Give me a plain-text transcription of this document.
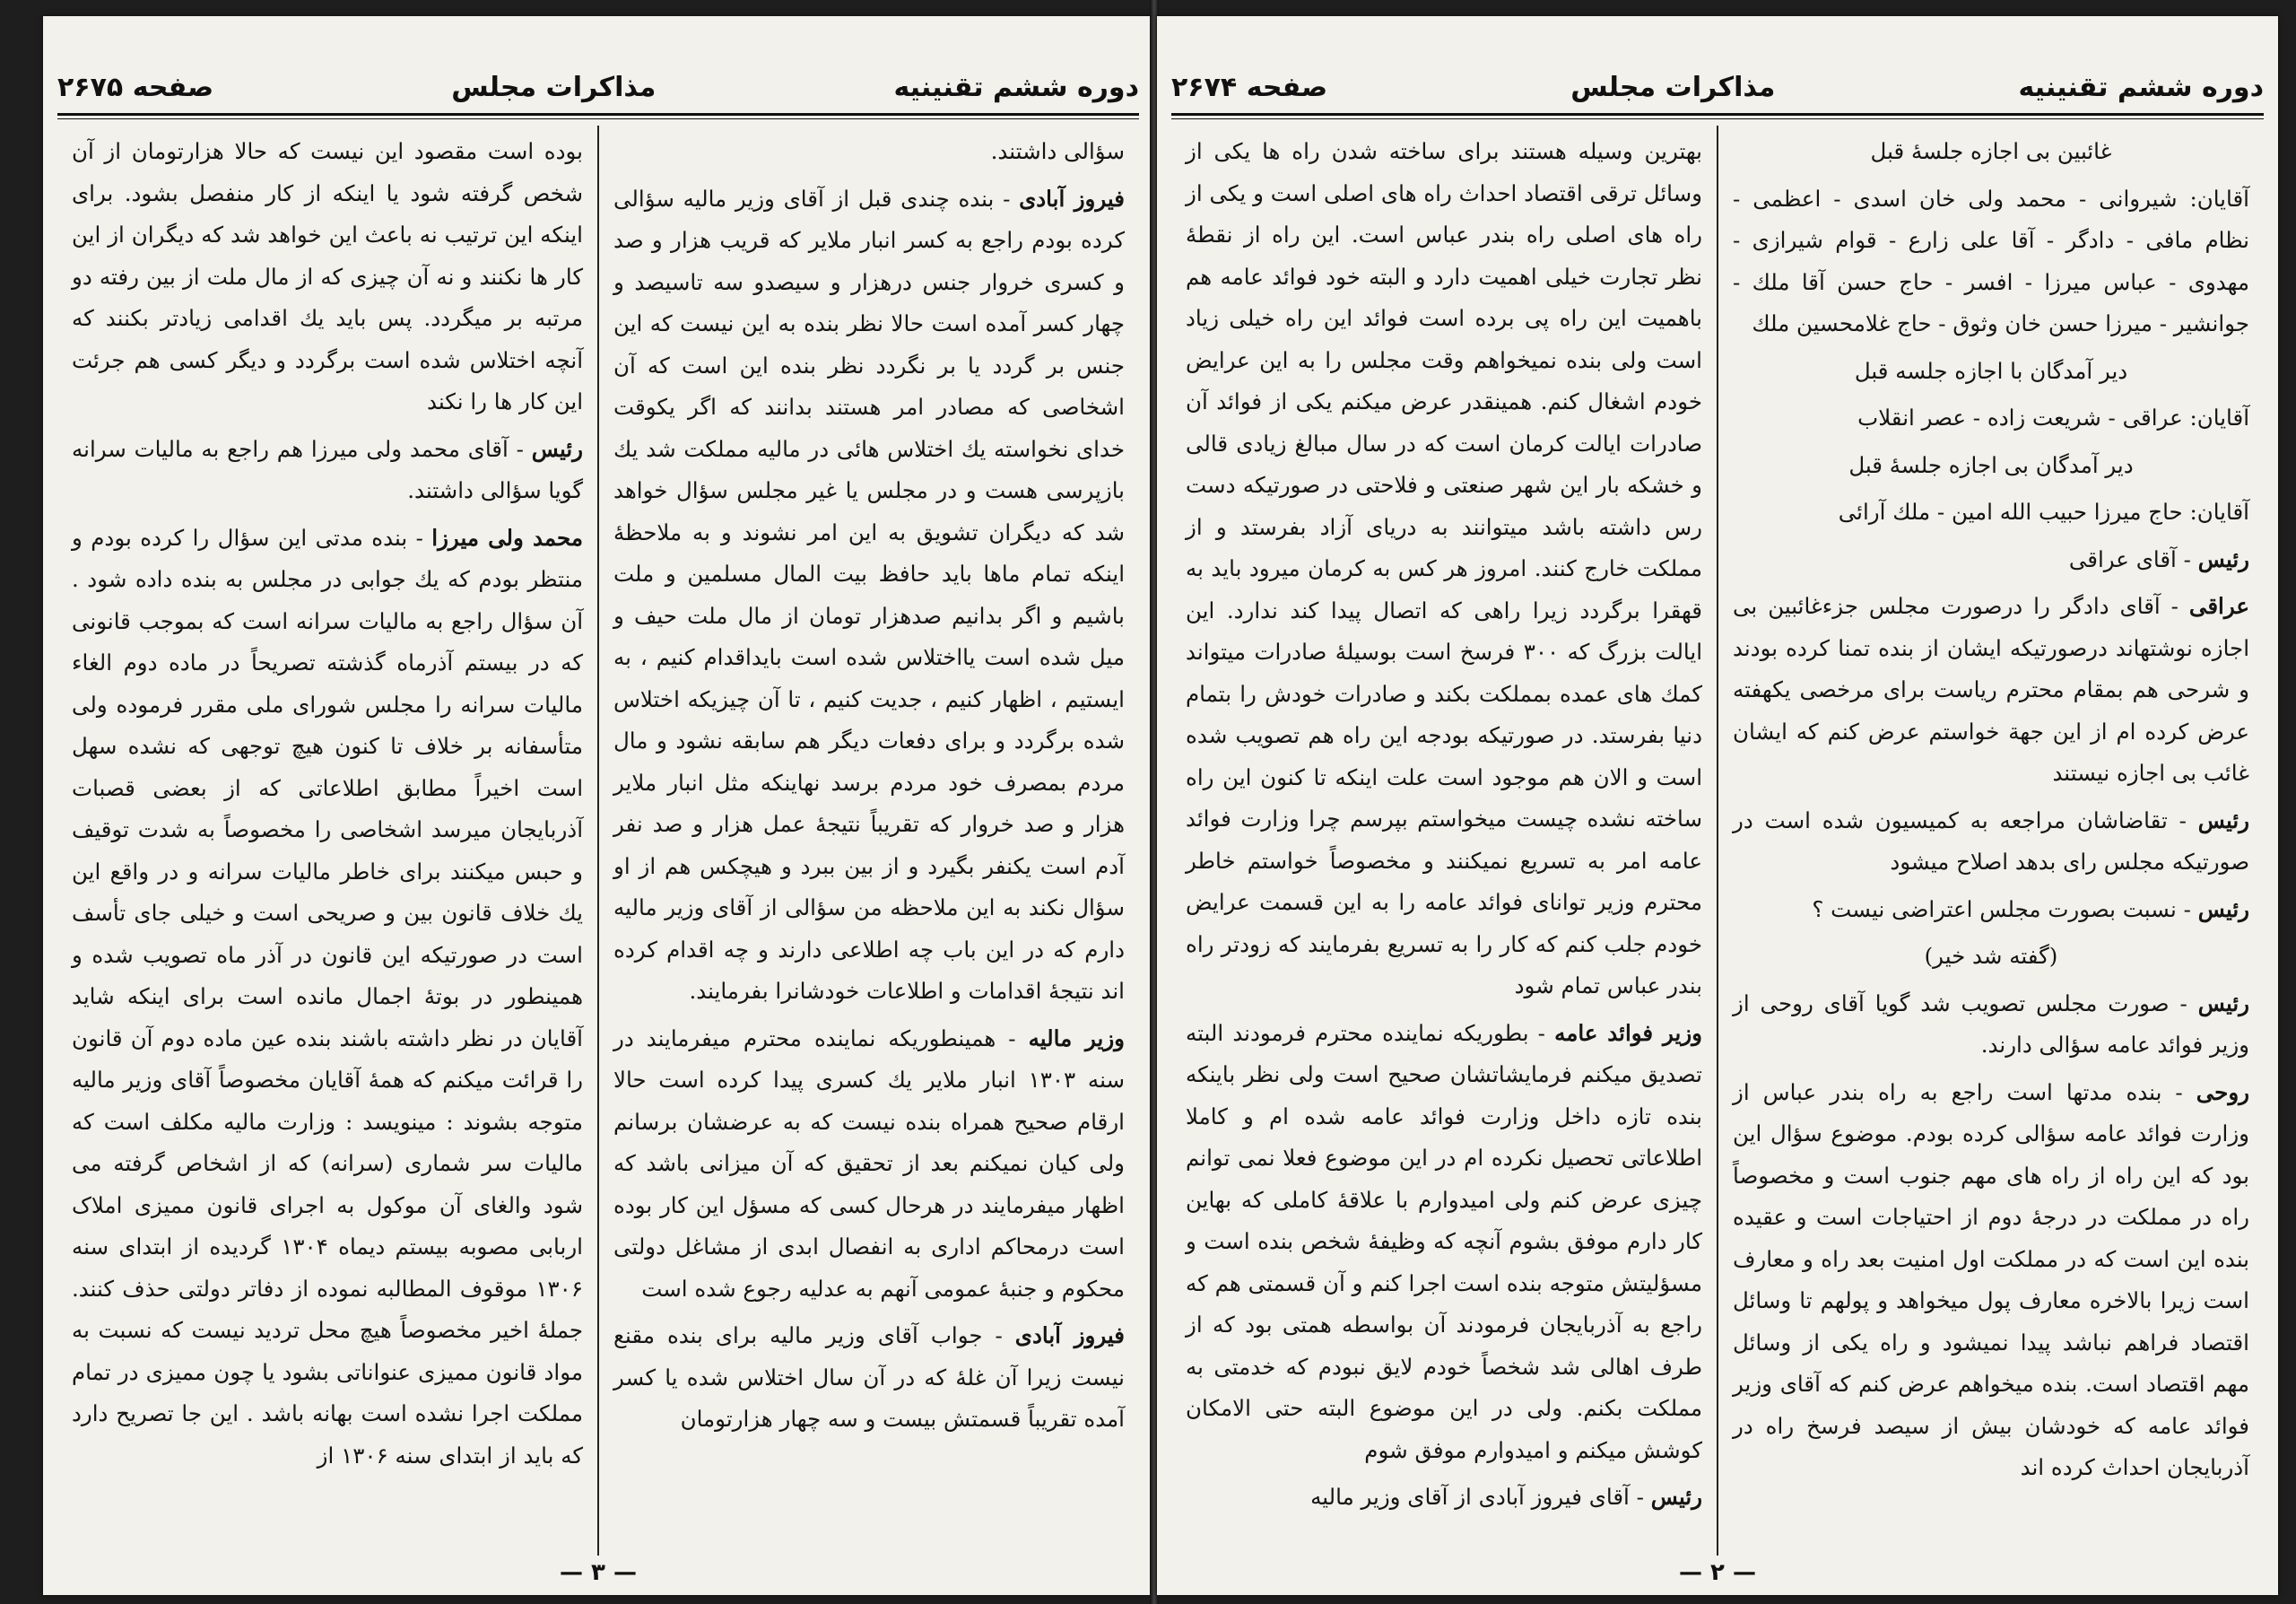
صفحه ۲۶۷۵	مذاکرات مجلس	دوره ششم تقنینیه

سؤالی داشتند.

فیروز آبادی - بنده چندی قبل از آقای وزیر مالیه سؤالی کرده بودم راجع به کسر انبار ملایر که قریب هزار و صد و کسری خروار جنس درهزار و سیصدو سه تاسیصد و چهار کسر آمده است حالا نظر بنده به این نیست که این جنس بر گردد یا بر نگردد نظر بنده این است که آن اشخاصی که مصادر امر هستند بدانند که اگر یکوقت خدای نخواسته یك اختلاس هائی در مالیه مملکت شد یك بازپرسی هست و در مجلس یا غیر مجلس سؤال خواهد شد که دیگران تشویق به این امر نشوند و به ملاحظهٔ اینکه تمام ماها باید حافظ بیت المال مسلمین و ملت باشیم و اگر بدانیم صدهزار تومان از مال ملت حیف و میل شده است یااختلاس شده است بایداقدام کنیم ، به ایستیم ، اظهار کنیم ، جدیت کنیم ، تا آن چیزیکه اختلاس شده برگردد و برای دفعات دیگر هم سابقه نشود و مال مردم بمصرف خود مردم برسد نهاینکه مثل انبار ملایر هزار و صد خروار که تقریباً نتیجهٔ عمل هزار و صد نفر آدم است یکنفر بگیرد و از بین ببرد و هیچکس هم از او سؤال نکند به این ملاحظه من سؤالی از آقای وزیر مالیه دارم که در این باب چه اطلاعی دارند و چه اقدام کرده اند نتیجهٔ اقدامات و اطلاعات خودشانرا بفرمایند.

وزیر مالیه - همینطوریکه نماینده محترم میفرمایند در سنه ۱۳۰۳ انبار ملایر یك کسری پیدا کرده است حالا ارقام صحیح همراه بنده نیست که به عرضشان برسانم ولی کیان نمیکنم بعد از تحقیق که آن میزانی باشد که اظهار میفرمایند در هرحال کسی که مسؤل این کار بوده است درمحاکم اداری به انفصال ابدی از مشاغل دولتی محکوم و جنبهٔ عمومی آنهم به عدلیه رجوع شده است

فیروز آبادی - جواب آقای وزیر مالیه برای بنده مقنع نیست زیرا آن غلهٔ که در آن سال اختلاس شده یا کسر آمده تقریباً قسمتش بیست و سه چهار هزارتومان

بوده است مقصود این نیست که حالا هزارتومان از آن شخص گرفته شود یا اینکه از کار منفصل بشود. برای اینکه این ترتیب نه باعث این خواهد شد که دیگران از این کار ها نکنند و نه آن چیزی که از مال ملت از بین رفته دو مرتبه بر میگردد. پس باید یك اقدامی زیادتر بکنند که آنچه اختلاس شده است برگردد و دیگر کسی هم جرئت این کار ها را نکند

رئیس - آقای محمد ولی میرزا هم راجع به مالیات سرانه گویا سؤالی داشتند.

محمد ولی میرزا - بنده مدتی این سؤال را کرده بودم و منتظر بودم که یك جوابی در مجلس به بنده داده شود . آن سؤال راجع به مالیات سرانه است که بموجب قانونی که در بیستم آذرماه گذشته تصریحاً در ماده دوم الغاء مالیات سرانه را مجلس شورای ملی مقرر فرموده ولی متأسفانه بر خلاف تا کنون هیچ توجهی که نشده سهل است اخیراً مطابق اطلاعاتی که از بعضی قصبات آذربایجان میرسد اشخاصی را مخصوصاً به شدت توقیف و حبس میکنند برای خاطر مالیات سرانه و در واقع این یك خلاف قانون بین و صریحی است و خیلی جای تأسف است در صورتیکه این قانون در آذر ماه تصویب شده و همینطور در بوتهٔ اجمال مانده است برای اینکه شاید آقایان در نظر داشته باشند بنده عین ماده دوم آن قانون را قرائت میکنم که همهٔ آقایان مخصوصاً آقای وزیر مالیه متوجه بشوند : مینویسد : وزارت مالیه مکلف است که مالیات سر شماری (سرانه) که از اشخاص گرفته می شود والغای آن موکول به اجرای قانون ممیزی املاک اربابی مصوبه بیستم دیماه ۱۳۰۴ گردیده از ابتدای سنه ۱۳۰۶ موقوف المطالبه نموده از دفاتر دولتی حذف کنند. جملهٔ اخیر مخصوصاً هیچ محل تردید نیست که نسبت به مواد قانون ممیزی عنواناتی بشود یا چون ممیزی در تمام مملکت اجرا نشده است بهانه باشد . این جا تصریح دارد که باید از ابتدای سنه ۱۳۰۶ از

— ۳ —
صفحه ۲۶۷۴	مذاکرات مجلس	دوره ششم تقنینیه

غائبین بی اجازه جلسهٔ قبل

آقایان: شیروانی - محمد ولی خان اسدی - اعظمی - نظام مافی - دادگر - آقا علی زارع - قوام شیرازی - مهدوی - عباس میرزا - افسر - حاج حسن آقا ملك - جوانشیر - میرزا حسن خان وثوق - حاج غلامحسین ملك

دیر آمدگان با اجازه جلسه قبل

آقایان: عراقی - شریعت زاده - عصر انقلاب

دیر آمدگان بی اجازه جلسهٔ قبل

آقایان: حاج میرزا حبیب الله امین - ملك آرائی

رئیس - آقای عراقی

عراقی - آقای دادگر را درصورت مجلس جزءغائبین بی اجازه نوشتهاند درصورتیکه ایشان از بنده تمنا کرده بودند و شرحی هم بمقام محترم ریاست برای مرخصی یکهفته عرض کرده ام از این جهة خواستم عرض کنم که ایشان غائب بی اجازه نیستند

رئیس - تقاضاشان مراجعه به کمیسیون شده است در صورتیکه مجلس رای بدهد اصلاح میشود

رئیس - نسبت بصورت مجلس اعتراضی نیست ؟

(گفته شد خیر)

رئیس - صورت مجلس تصویب شد گویا آقای روحی از وزیر فوائد عامه سؤالی دارند.

روحی - بنده مدتها است راجع به راه بندر عباس از وزارت فوائد عامه سؤالی کرده بودم. موضوع سؤال این بود که این راه از راه های مهم جنوب است و مخصوصاً راه در مملکت در درجهٔ دوم از احتیاجات است و عقیده بنده این است که در مملکت اول امنیت بعد راه و معارف است زیرا بالاخره معارف پول میخواهد و پولهم تا وسائل اقتصاد فراهم نباشد پیدا نمیشود و راه یکی از وسائل مهم اقتصاد است. بنده میخواهم عرض کنم که آقای وزیر فوائد عامه که خودشان بیش از سیصد فرسخ راه در آذربایجان احداث کرده اند

بهترین وسیله هستند برای ساخته شدن راه ها یکی از وسائل ترقی اقتصاد احداث راه های اصلی است و یکی از راه های اصلی راه بندر عباس است. این راه از نقطهٔ نظر تجارت خیلی اهمیت دارد و البته خود فوائد عامه هم باهمیت این راه پی برده است فوائد این راه خیلی زیاد است ولی بنده نمیخواهم وقت مجلس را به این عرایض خودم اشغال کنم. همینقدر عرض میکنم یکی از فوائد آن صادرات ایالت کرمان است که در سال مبالغ زیادی قالی و خشکه بار این شهر صنعتی و فلاحتی در صورتیکه دست رس داشته باشد میتوانند به دریای آزاد بفرستد و از مملکت خارج کنند. امروز هر کس به کرمان میرود باید به قهقرا برگردد زیرا راهی که اتصال پیدا کند ندارد. این ایالت بزرگ که ۳۰۰ فرسخ است بوسیلهٔ صادرات میتواند کمك های عمده بمملکت بکند و صادرات خودش را بتمام دنیا بفرستد. در صورتیکه بودجه این راه هم تصویب شده است و الان هم موجود است علت اینکه تا کنون این راه ساخته نشده چیست میخواستم بپرسم چرا وزارت فوائد عامه امر به تسریع نمیکنند و مخصوصاً خواستم خاطر محترم وزیر توانای فوائد عامه را به این قسمت عرایض خودم جلب کنم که کار را به تسریع بفرمایند که زودتر راه بندر عباس تمام شود

وزیر فوائد عامه - بطوریکه نماینده محترم فرمودند البته تصدیق میکنم فرمایشاتشان صحیح است ولی نظر باینکه بنده تازه داخل وزارت فوائد عامه شده ام و کاملا اطلاعاتی تحصیل نکرده ام در این موضوع فعلا نمی توانم چیزی عرض کنم ولی امیدوارم با علاقهٔ کاملی که بهاین کار دارم موفق بشوم آنچه که وظیفهٔ شخص بنده است و مسؤلیتش متوجه بنده است اجرا کنم و آن قسمتی هم که راجع به آذربایجان فرمودند آن بواسطه همتی بود که از طرف اهالی شد شخصاً خودم لایق نبودم که خدمتی به مملکت بکنم. ولی در این موضوع البته حتی الامکان کوشش میکنم و امیدوارم موفق شوم

رئیس - آقای فیروز آبادی از آقای وزیر مالیه

— ۲ —
